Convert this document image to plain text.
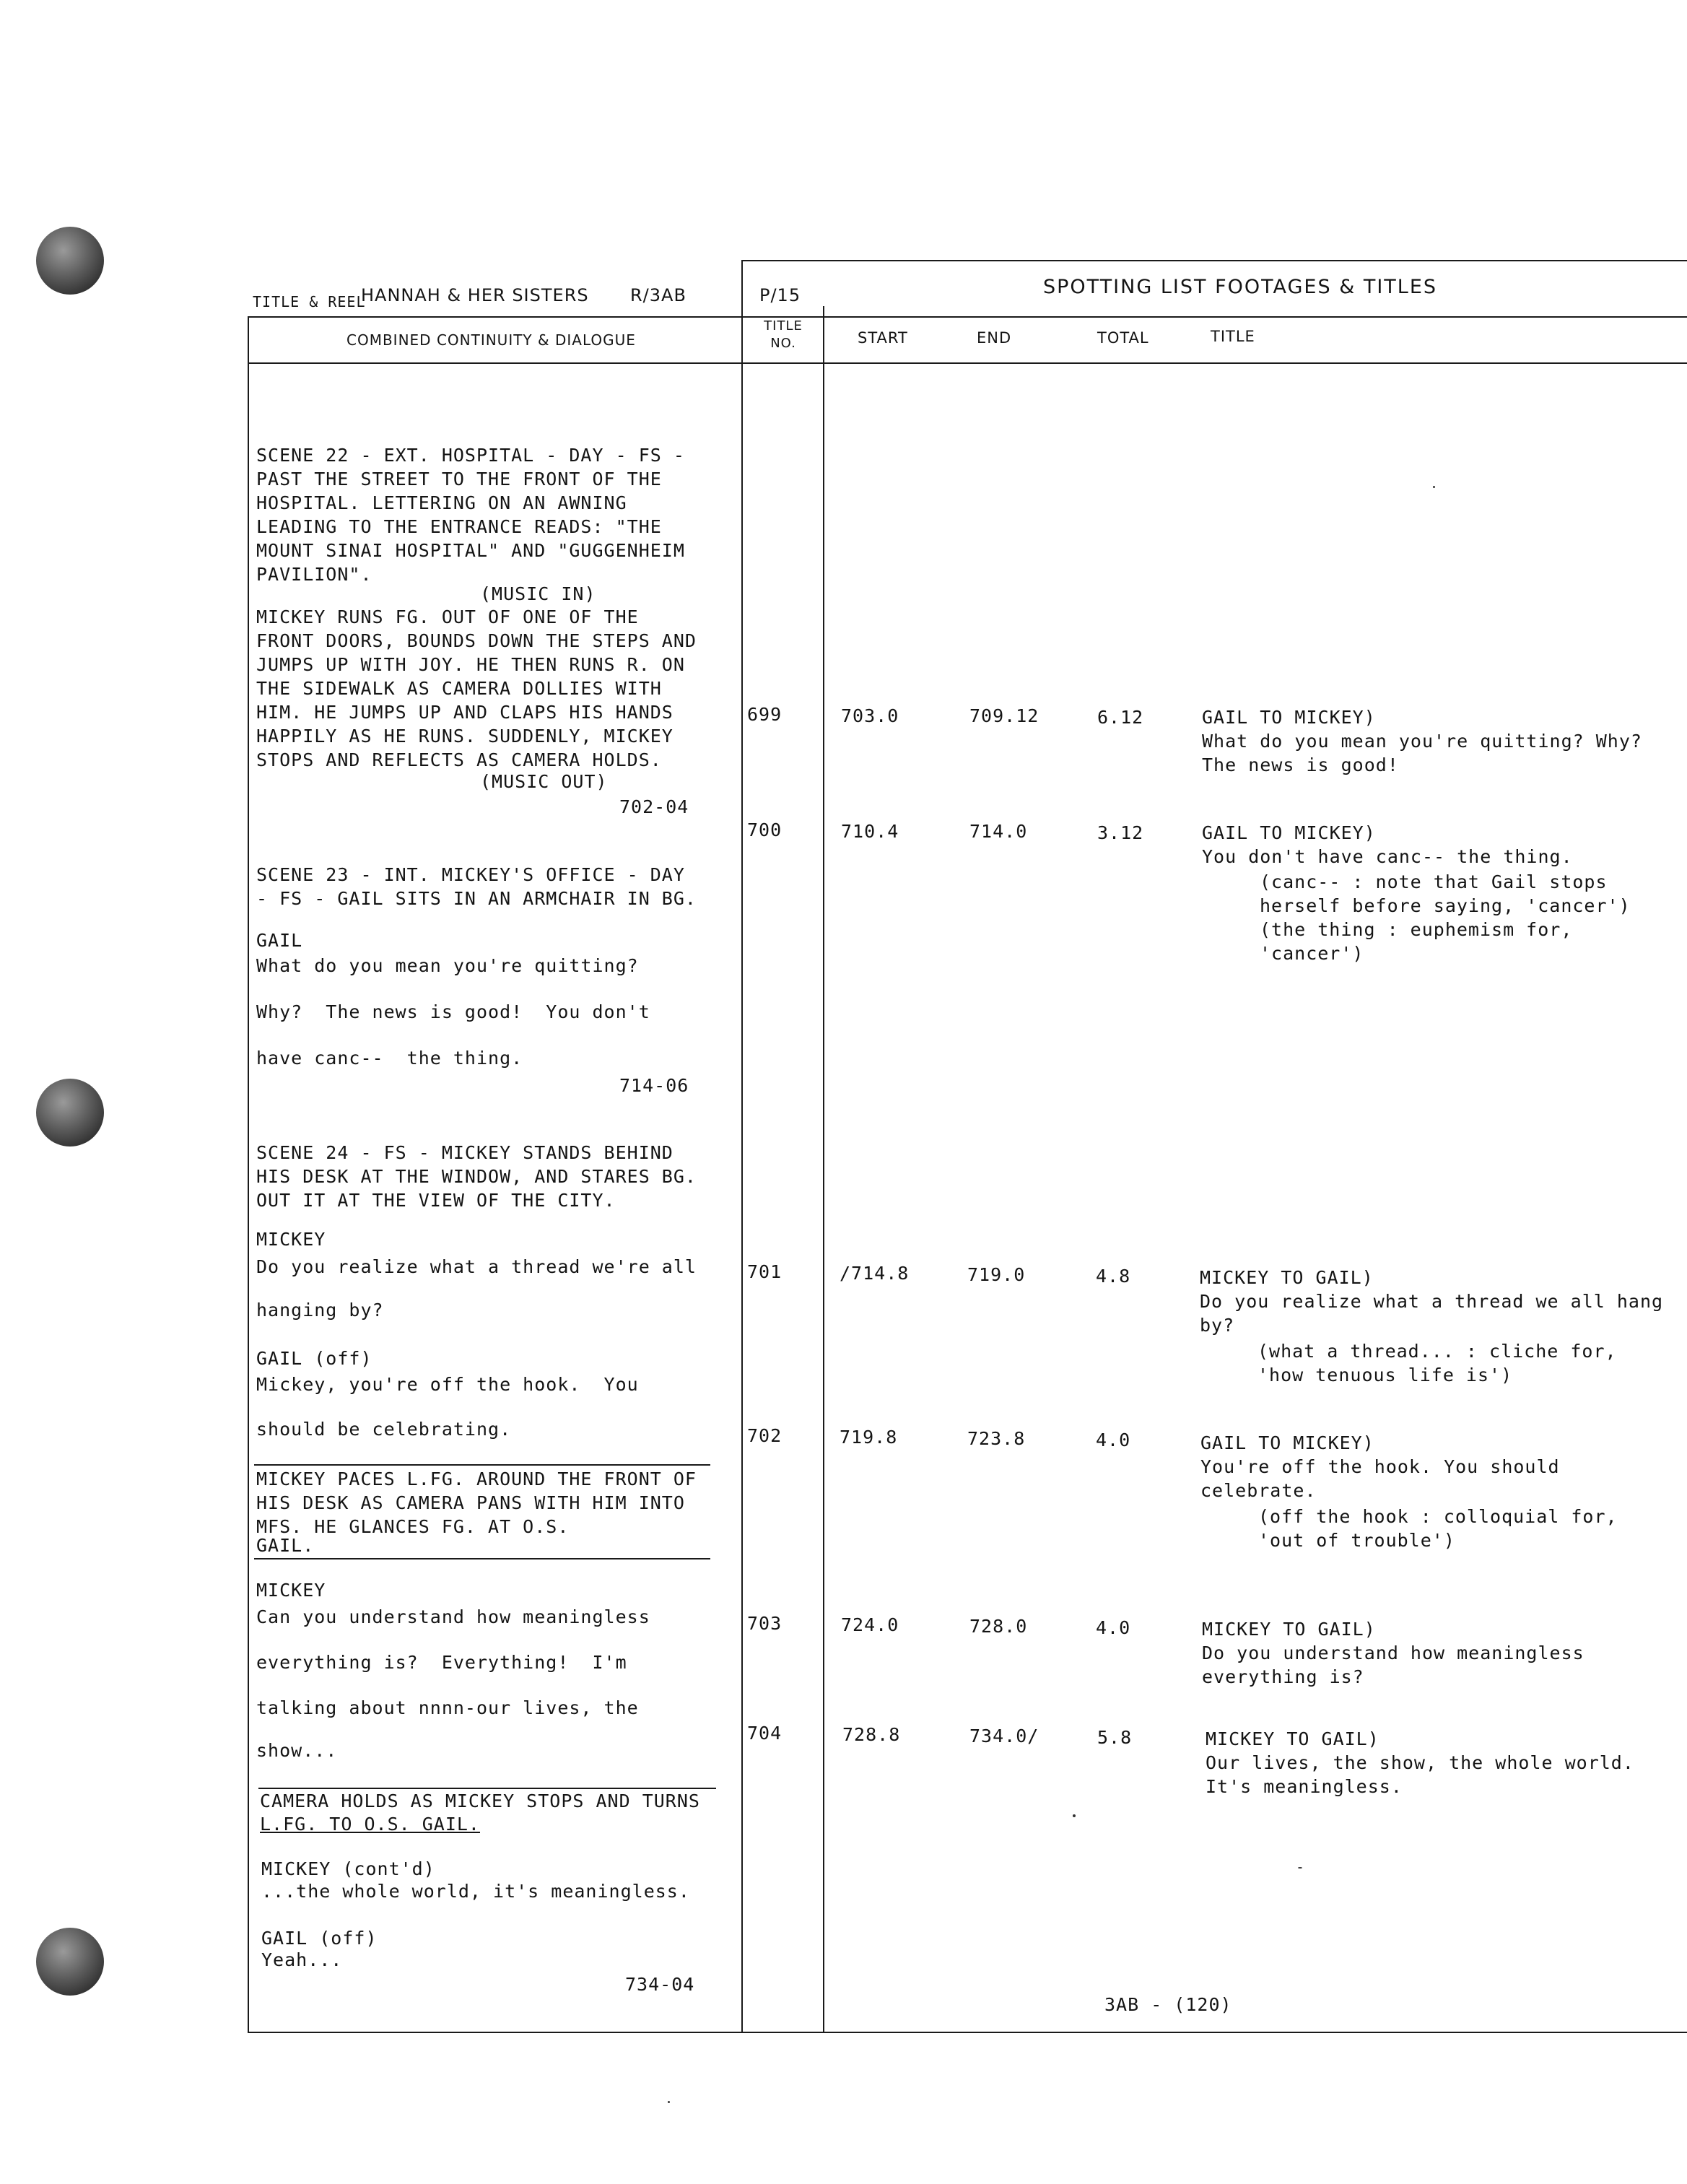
TITLE & REEL
HANNAH & HER SISTERS R/3AB	P/15	SPOTTING LIST FOOTAGES & TITLES
COMBINED CONTINUITY & DIALOGUE
TITLE
NO.	START	END	TOTAL	TITLE
SCENE 22 - EXT. HOSPITAL - DAY - FS -
PAST THE STREET TO THE FRONT OF THE
HOSPITAL. LETTERING ON AN AWNING
LEADING TO THE ENTRANCE READS: "THE
MOUNT SINAI HOSPITAL" AND "GUGGENHEIM
PAVILION".
(MUSIC IN)
MICKEY RUNS FG. OUT OF ONE OF THE
FRONT DOORS, BOUNDS DOWN THE STEPS AND
JUMPS UP WITH JOY. HE THEN RUNS R. ON
THE SIDEWALK AS CAMERA DOLLIES WITH
HIM. HE JUMPS UP AND CLAPS HIS HANDS
HAPPILY AS HE RUNS. SUDDENLY, MICKEY
STOPS AND REFLECTS AS CAMERA HOLDS.
(MUSIC OUT)
702-04
SCENE 23 - INT. MICKEY'S OFFICE - DAY
- FS - GAIL SITS IN AN ARMCHAIR IN BG.
GAIL
What do you mean you're quitting?
Why?  The news is good!  You don't
have canc--  the thing.
714-06
SCENE 24 - FS - MICKEY STANDS BEHIND
HIS DESK AT THE WINDOW, AND STARES BG.
OUT IT AT THE VIEW OF THE CITY.
MICKEY
Do you realize what a thread we're all
hanging by?
GAIL (off)
Mickey, you're off the hook.  You
should be celebrating.
MICKEY PACES L.FG. AROUND THE FRONT OF
HIS DESK AS CAMERA PANS WITH HIM INTO
MFS. HE GLANCES FG. AT O.S.
GAIL.
MICKEY
Can you understand how meaningless
everything is?  Everything!  I'm
talking about nnnn-our lives, the
show...
CAMERA HOLDS AS MICKEY STOPS AND TURNS
L.FG. TO O.S. GAIL.
MICKEY (cont'd)
...the whole world, it's meaningless.
GAIL (off)
Yeah...
734-04
699	703.0	709.12	6.12	GAIL TO MICKEY)
What do you mean you're quitting? Why?
The news is good!
700	710.4	714.0	3.12	GAIL TO MICKEY)
You don't have canc-- the thing.
(canc-- : note that Gail stops
herself before saying, 'cancer')
(the thing : euphemism for,
'cancer')
701	/714.8	719.0	4.8	MICKEY TO GAIL)
Do you realize what a thread we all hang
by?
(what a thread... : cliche for,
'how tenuous life is')
702	719.8	723.8	4.0	GAIL TO MICKEY)
You're off the hook. You should
celebrate.
(off the hook : colloquial for,
'out of trouble')
703	724.0	728.0	4.0	MICKEY TO GAIL)
Do you understand how meaningless
everything is?
704	728.8	734.0/	5.8	MICKEY TO GAIL)
Our lives, the show, the whole world.
It's meaningless.
3AB - (120)
